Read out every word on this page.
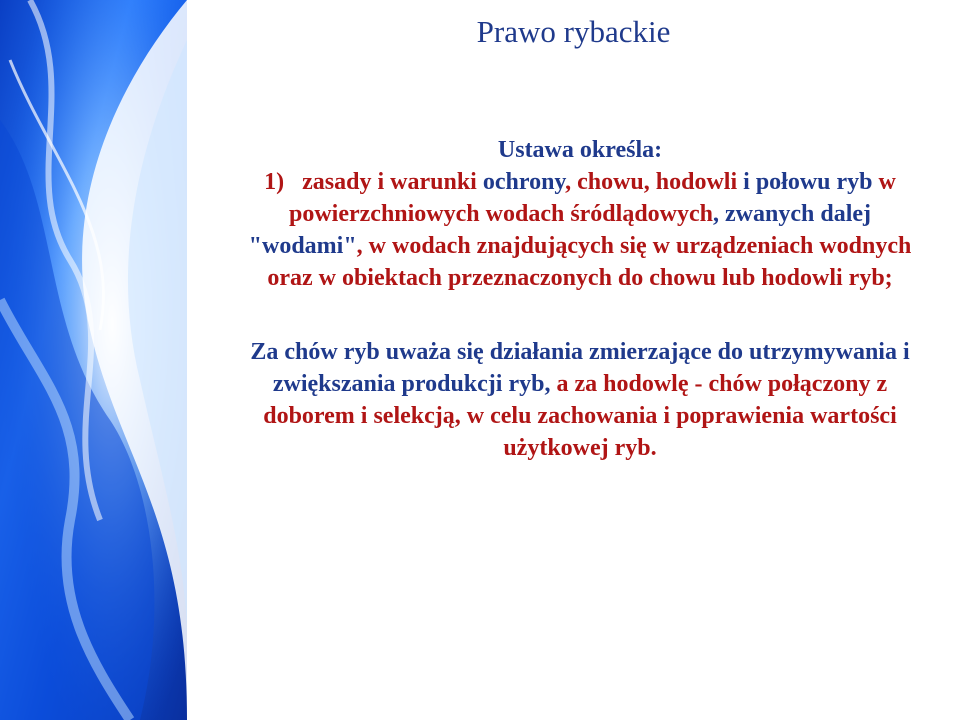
Prawo rybackie

Ustawa określa:

1) zasady i warunki ochrony, chowu, hodowli i połowu ryb w powierzchniowych wodach śródlądowych, zwanych dalej "wodami", w wodach znajdujących się w urządzeniach wodnych oraz w obiektach przeznaczonych do chowu lub hodowli ryb;

Za chów ryb uważa się działania zmierzające do utrzymywania i zwiększania produkcji ryb, a za hodowlę - chów połączony z doborem i selekcją, w celu zachowania i poprawienia wartości użytkowej ryb.
